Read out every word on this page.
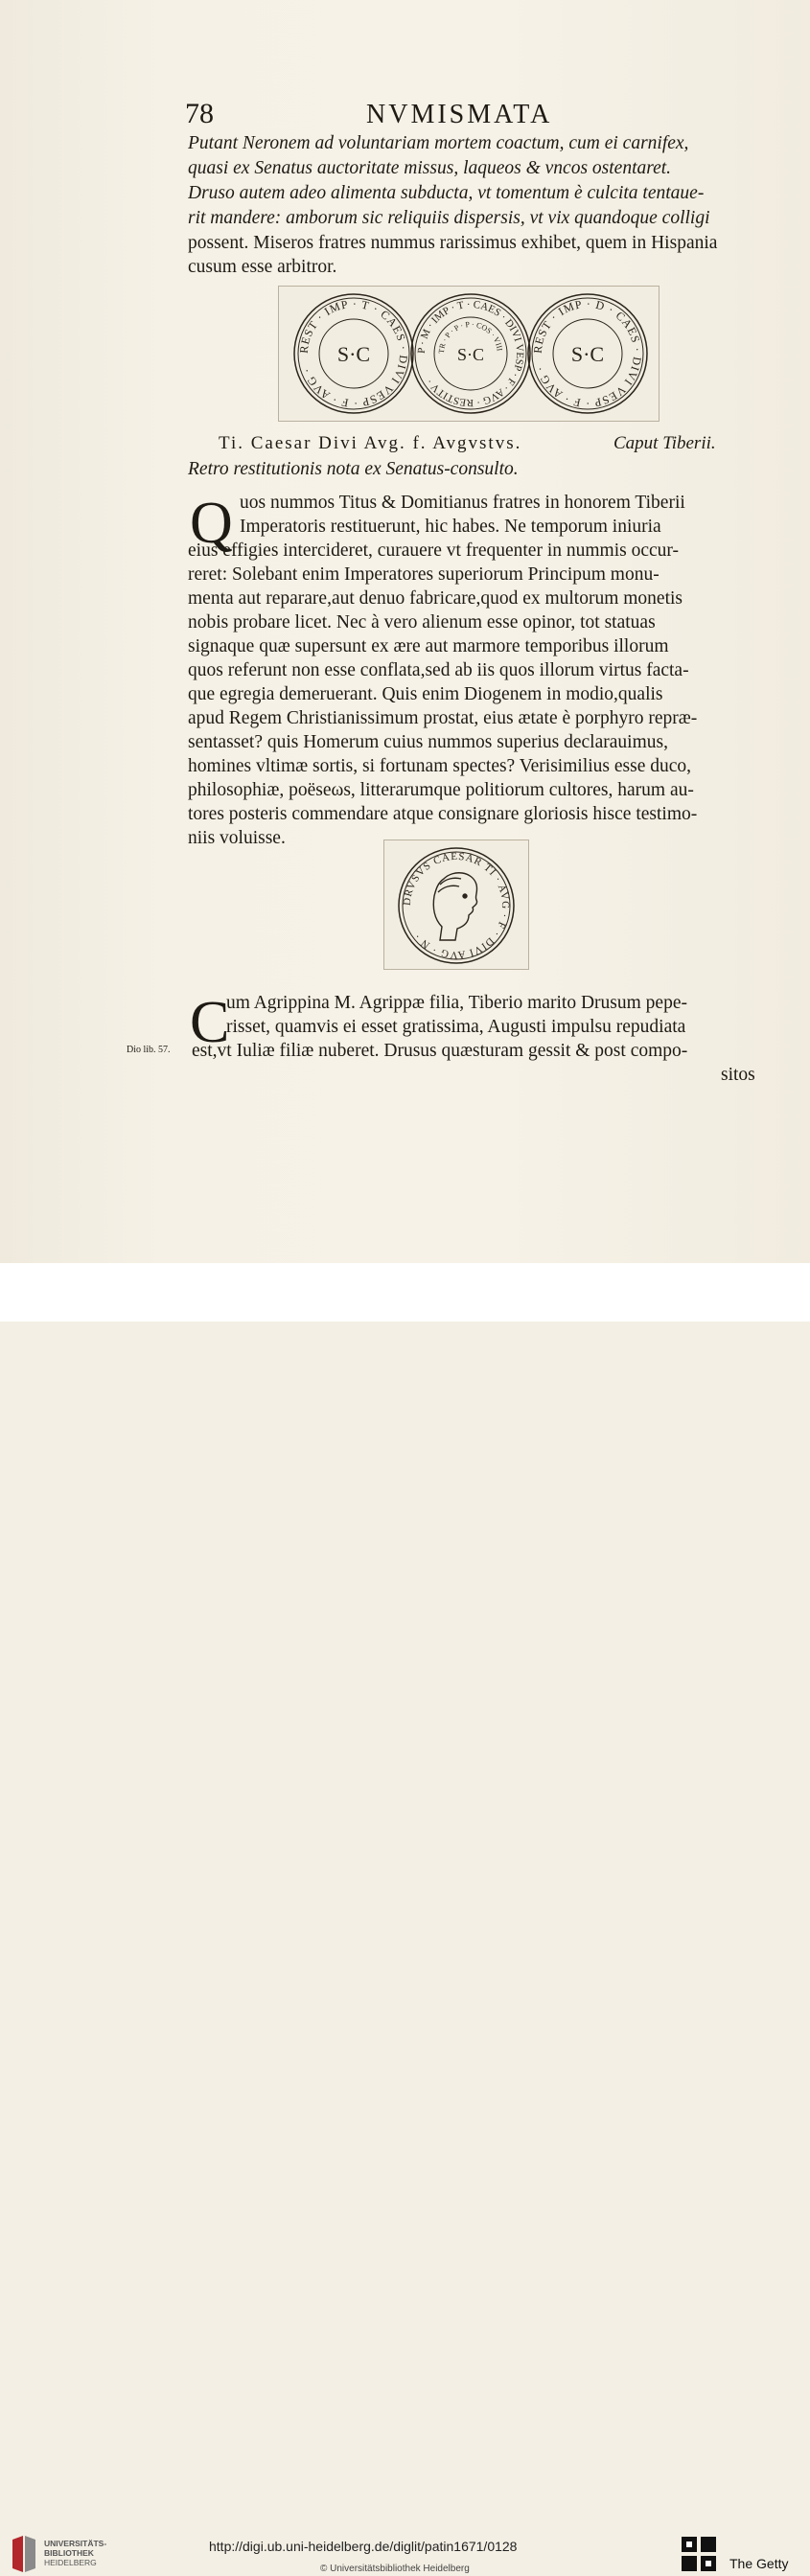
78	NVMISMATA
Putant Neronem ad voluntariam mortem coactum, cum ei carnifex,
quasi ex Senatus auctoritate missus, laqueos & vncos ostentaret.
Druso autem adeo alimenta subducta, vt tomentum è culcita tentaue-
rit mandere: amborum sic reliquiis dispersis, vt vix quandoque colligi
possent. Miseros fratres nummus rarissimus exhibet, quem in Hispania
cusum esse arbitror.
REST · IMP · T · CAES · DIVI VESP · F · AVG ·
S·C	P · M · IMP · T · CAES · DIVI VESP · F · AVG · RESTITV ·
TR · P · P · P · COS · VIII
S·C	REST · IMP · D · CAES · DIVI VESP · F · AVG ·
S·C
Ti. Caesar Divi Avg. f. Avgvstvs.	Caput Tiberii.
Retro restitutionis nota ex Senatus-consulto.
Q uos nummos Titus & Domitianus fratres in honorem Tiberii
Imperatoris restituerunt, hic habes. Ne temporum iniuria
eius effigies intercideret, curauere vt frequenter in nummis occur-
reret: Solebant enim Imperatores superiorum Principum monu-
menta aut reparare,aut denuo fabricare,quod ex multorum monetis
nobis probare licet. Nec à vero alienum esse opinor, tot statuas
signaque quæ supersunt ex ære aut marmore temporibus illorum
quos referunt non esse conflata,sed ab iis quos illorum virtus facta-
que egregia demeruerant. Quis enim Diogenem in modio,qualis
apud Regem Christianissimum prostat, eius ætate è porphyro repræ-
sentasset? quis Homerum cuius nummos superius declarauimus,
homines vltimæ sortis, si fortunam spectes? Verisimilius esse duco,
philosophiæ, poëseωs, litterarumque politiorum cultores, harum au-
tores posteris commendare atque consignare gloriosis hisce testimo-
niis voluisse.
DRVSVS CAESAR TI · AVG · F · DIVI AVG · N ·
C
um Agrippina M. Agrippæ filia, Tiberio marito Drusum pepe-
risset, quamvis ei esset gratissima, Augusti impulsu repudiata
est,vt Iuliæ filiæ nuberet. Drusus quæsturam gessit & post compo-
sitos
Dio lib. 57.
UNIVERSITÄTS-
BIBLIOTHEK
HEIDELBERG
http://digi.ub.uni-heidelberg.de/diglit/patin1671/0128
© Universitätsbibliothek Heidelberg	The Getty
